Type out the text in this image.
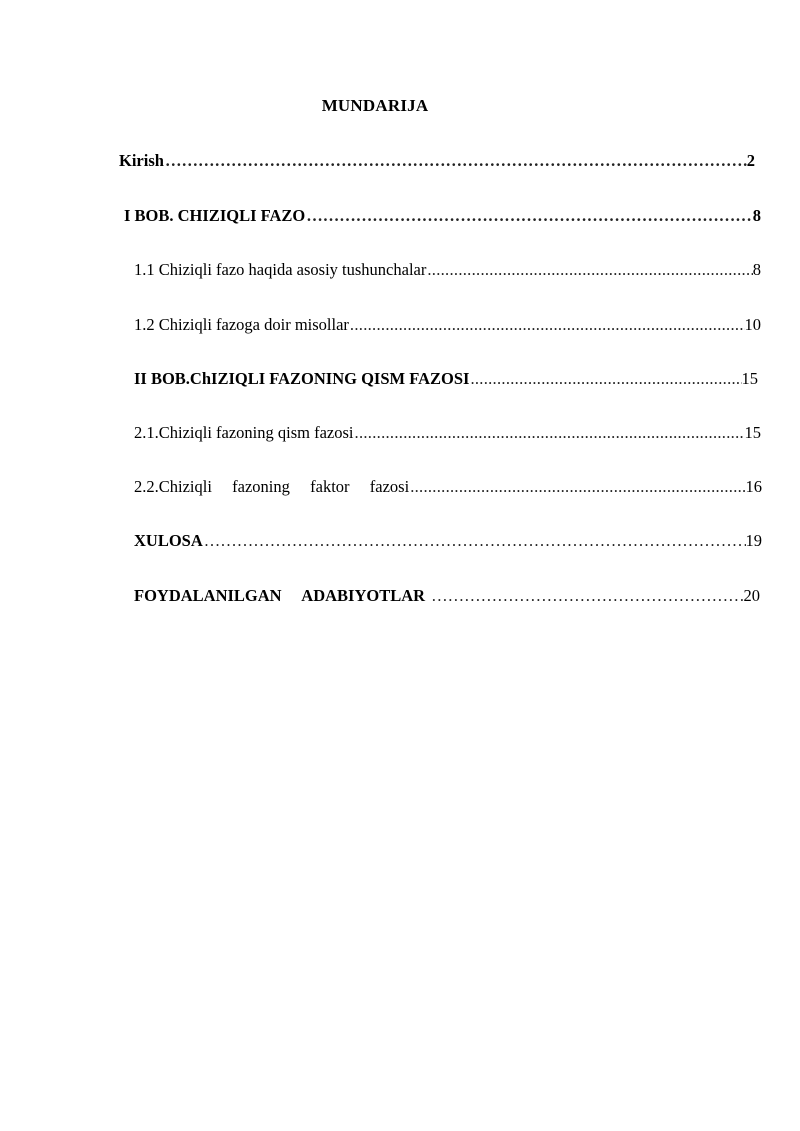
MUNDARIJA
Kirish ……………………………………………………………………………………………………………………………………………………………………………………………………………………………	2
I BOB. CHIZIQLI FAZO ……………………………………………………………………………………………………………………………………………………………………………………………………………………………	8
1.1 Chiziqli fazo haqida asosiy tushunchalar .....	8
1.2 Chiziqli fazoga doir misollar .....	10
II BOB.ChIZIQLI FAZONING QISM FAZOSI .....	15
2.1.Chiziqli fazoning qism fazosi .....	15
2.2.Chiziqli  fazoning  faktor  fazosi .....	16
XULOSA ……………………………………………………………………………………………………………………………………………………………………………………………………………………………	19
FOYDALANILGAN     ADABIYOTLAR ……………………………………………………………………………………………………………………………………………………………………………………………………………………………	20
